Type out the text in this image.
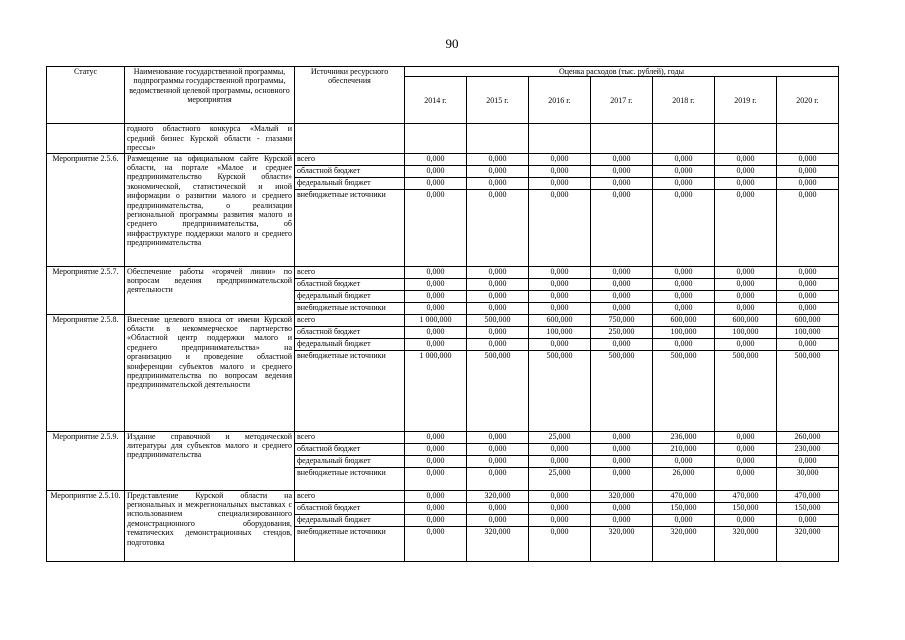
90
Статус	Наименование государственной программы, подпрограммы государственной программы, ведомственной целевой программы, основного мероприятия	Источники ресурсного обеспечения	Оценка расходов (тыс. рублей), годы						
			2014 г.	2015 г.	2016 г.	2017 г.	2018 г.	2019 г.	2020 г.
	годного областного конкурса «Малый и средний бизнес Курской области - глазами прессы»								
Мероприятие 2.5.6.	Размещение на официальном сайте Курской области, на портале «Малое и среднее предпринимательство Курской области» экономической, статистической и иной информации о развитии малого и среднего предпринимательства, о реализации региональной программы развития малого и среднего предпринимательства, об инфраструктуре поддержки малого и среднего предпринимательства	всего	0,000	0,000	0,000	0,000	0,000	0,000	0,000
		областной бюджет	0,000	0,000	0,000	0,000	0,000	0,000	0,000
		федеральный бюджет	0,000	0,000	0,000	0,000	0,000	0,000	0,000
		внебюджетные источники	0,000	0,000	0,000	0,000	0,000	0,000	0,000
Мероприятие 2.5.7.	Обеспечение работы «горячей линии» по вопросам ведения предпринимательской деятельности	всего	0,000	0,000	0,000	0,000	0,000	0,000	0,000
		областной бюджет	0,000	0,000	0,000	0,000	0,000	0,000	0,000
		федеральный бюджет	0,000	0,000	0,000	0,000	0,000	0,000	0,000
		внебюджетные источники	0,000	0,000	0,000	0,000	0,000	0,000	0,000
Мероприятие 2.5.8.	Внесение целевого взноса от имени Курской области в некоммерческое партнерство «Областной центр поддержки малого и среднего предпринимательства» на организацию и проведение областной конференции субъектов малого и среднего предпринимательства по вопросам ведения предпринимательской деятельности	всего	1 000,000	500,000	600,000	750,000	600,000	600,000	600,000
		областной бюджет	0,000	0,000	100,000	250,000	100,000	100,000	100,000
		федеральный бюджет	0,000	0,000	0,000	0,000	0,000	0,000	0,000
		внебюджетные источники	1 000,000	500,000	500,000	500,000	500,000	500,000	500,000
Мероприятие 2.5.9.	Издание справочной и методической литературы для субъектов малого и среднего предпринимательства	всего	0,000	0,000	25,000	0,000	236,000	0,000	260,000
		областной бюджет	0,000	0,000	0,000	0,000	210,000	0,000	230,000
		федеральный бюджет	0,000	0,000	0,000	0,000	0,000	0,000	0,000
		внебюджетные источники	0,000	0,000	25,000	0,000	26,000	0,000	30,000
Мероприятие 2.5.10.	Представление Курской области на региональных и межрегиональных выставках с использованием специализированного демонстрационного оборудования, тематических демонстрационных стендов, подготовка	всего	0,000	320,000	0,000	320,000	470,000	470,000	470,000
		областной бюджет	0,000	0,000	0,000	0,000	150,000	150,000	150,000
		федеральный бюджет	0,000	0,000	0,000	0,000	0,000	0,000	0,000
		внебюджетные источники	0,000	320,000	0,000	320,000	320,000	320,000	320,000
